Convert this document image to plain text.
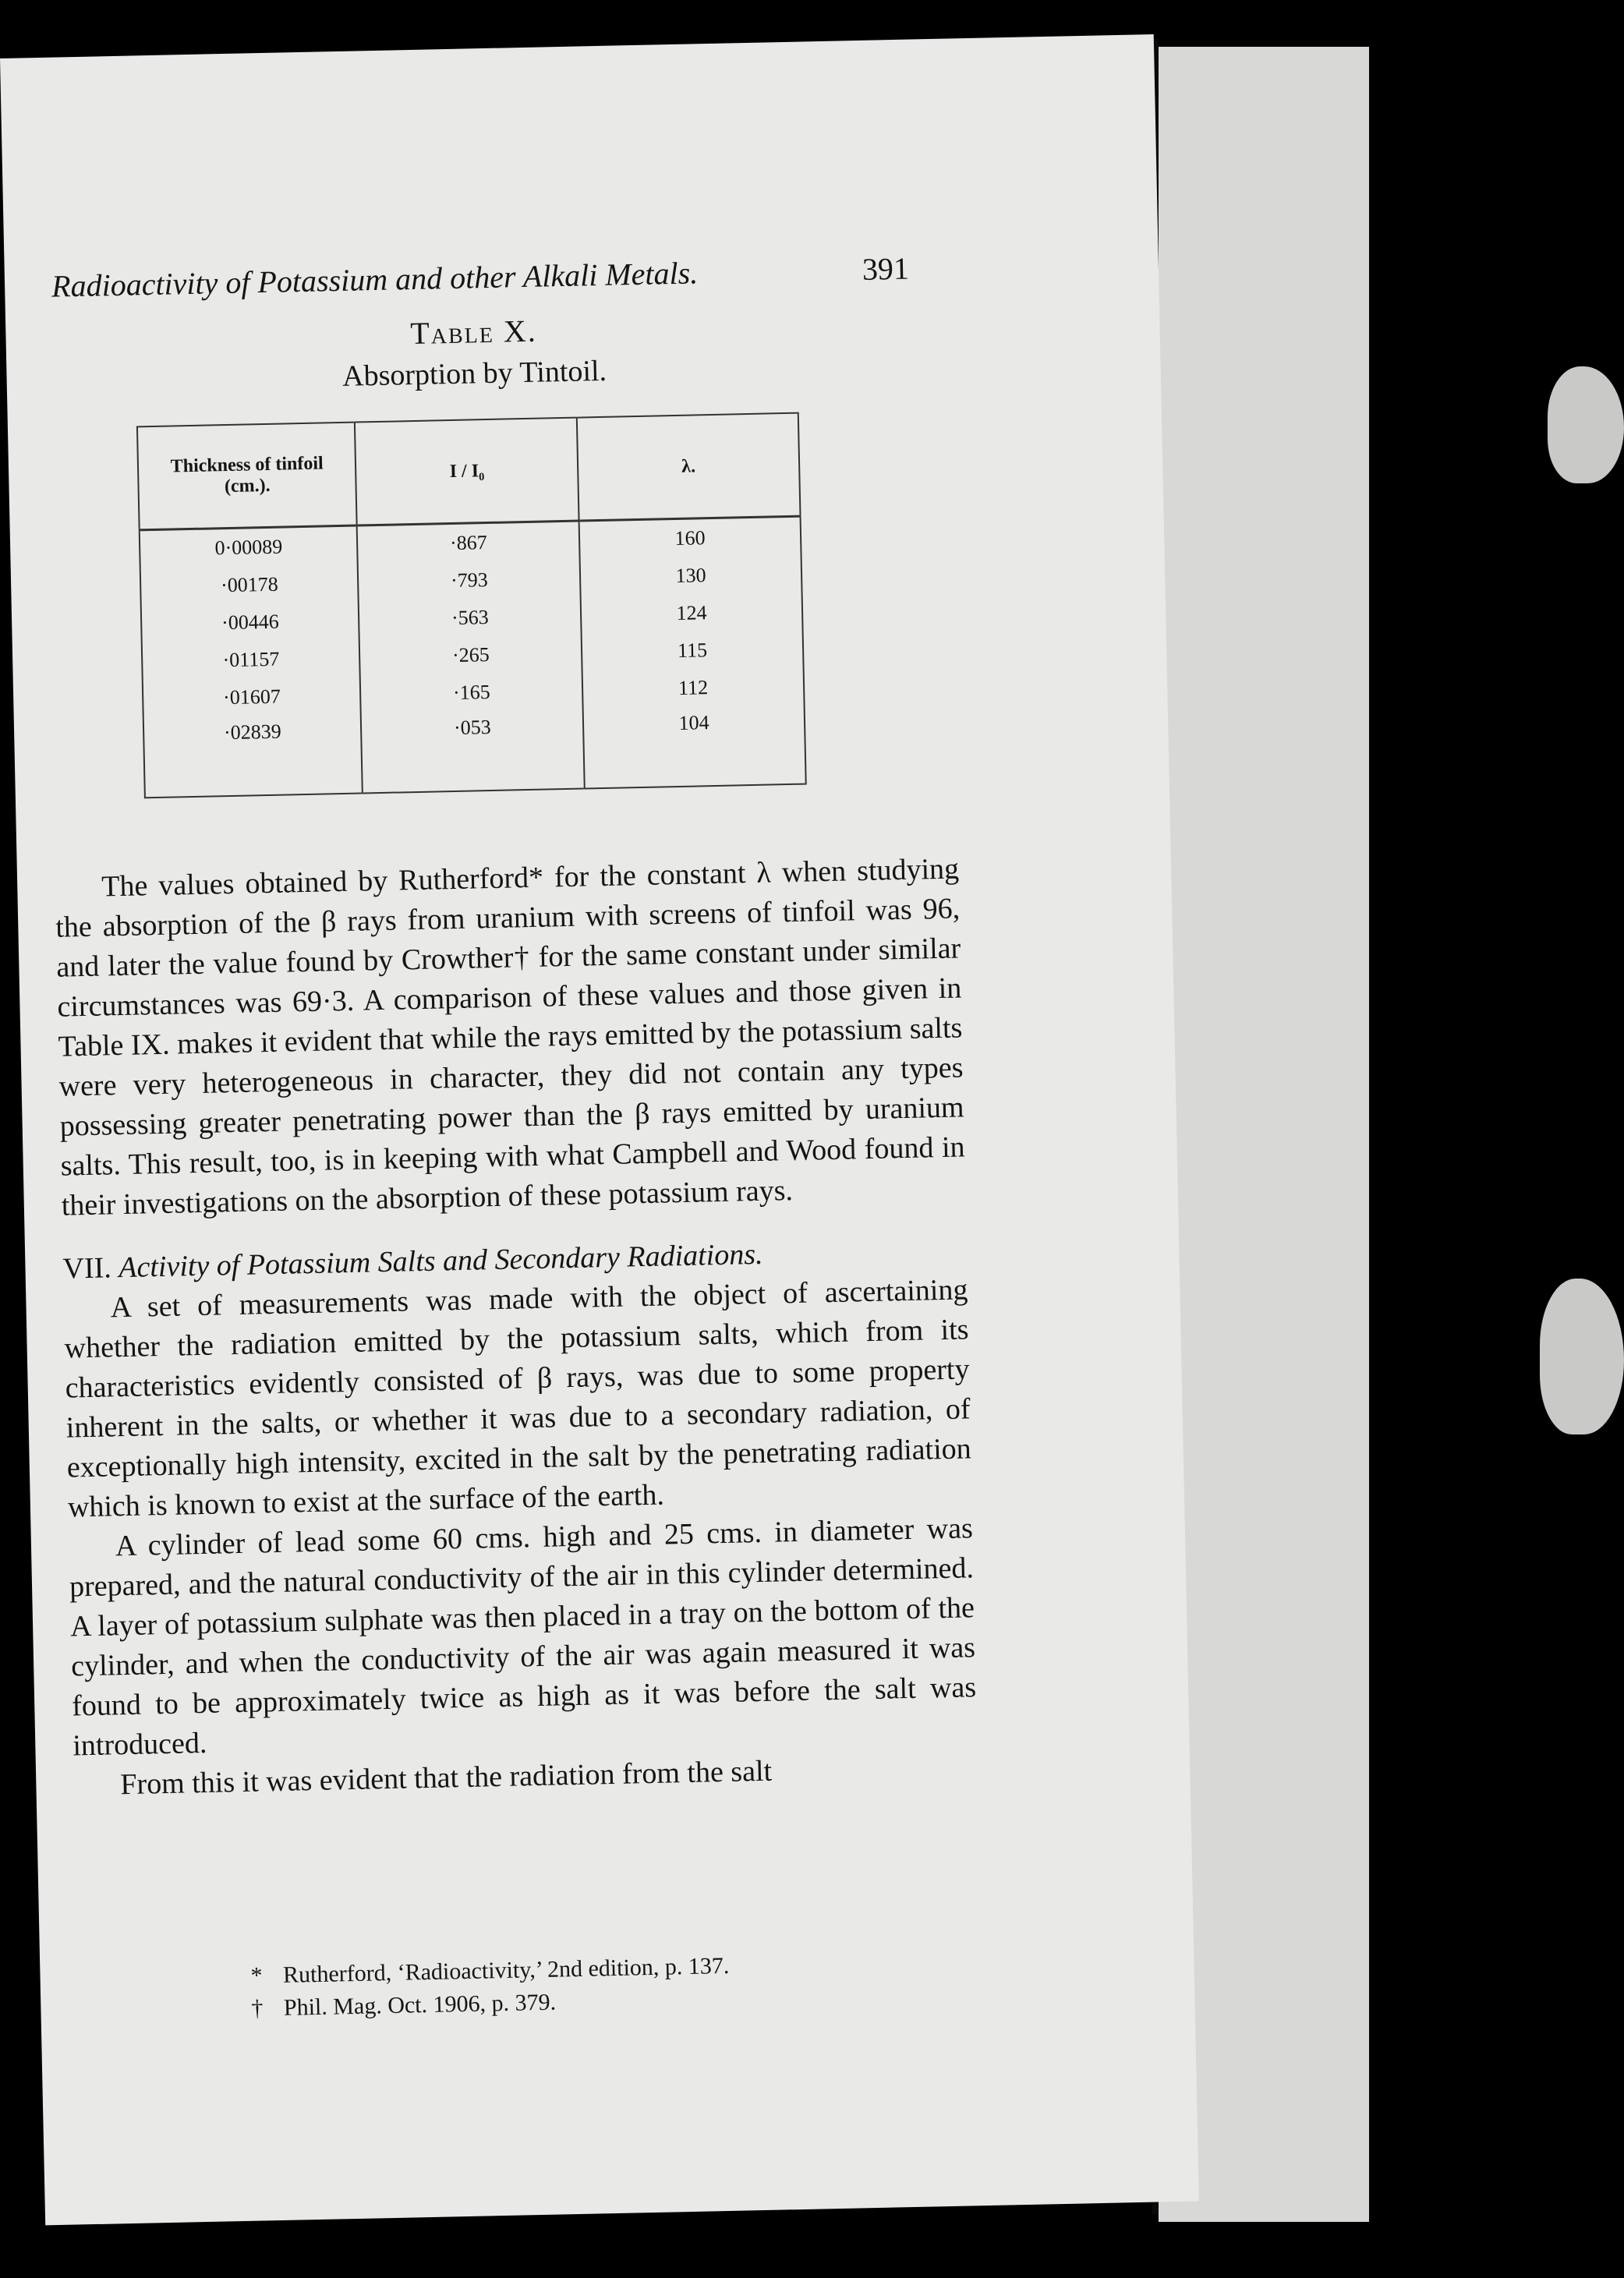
Radioactivity of Potassium and other Alkali Metals.	391
Table X.
Absorption by Tintoil.
Thickness of tinfoil (cm.).	I / I₀	λ.
0·00089	·867	160
·00178	·793	130
·00446	·563	124
·01157	·265	115
·01607	·165	112
·02839	·053	104

The values obtained by Rutherford* for the constant λ when studying the absorption of the β rays from uranium with screens of tinfoil was 96, and later the value found by Crowther† for the same constant under similar circumstances was 69·3. A comparison of these values and those given in Table IX. makes it evident that while the rays emitted by the potassium salts were very heterogeneous in character, they did not contain any types possessing greater penetrating power than the β rays emitted by uranium salts. This result, too, is in keeping with what Campbell and Wood found in their investigations on the absorption of these potassium rays.

VII. Activity of Potassium Salts and Secondary Radiations.

A set of measurements was made with the object of ascertaining whether the radiation emitted by the potassium salts, which from its characteristics evidently consisted of β rays, was due to some property inherent in the salts, or whether it was due to a secondary radiation, of exceptionally high intensity, excited in the salt by the penetrating radiation which is known to exist at the surface of the earth.

A cylinder of lead some 60 cms. high and 25 cms. in diameter was prepared, and the natural conductivity of the air in this cylinder determined. A layer of potassium sulphate was then placed in a tray on the bottom of the cylinder, and when the conductivity of the air was again measured it was found to be approximately twice as high as it was before the salt was introduced.

From this it was evident that the radiation from the salt

* Rutherford, ‘Radioactivity,’ 2nd edition, p. 137.
† Phil. Mag. Oct. 1906, p. 379.
